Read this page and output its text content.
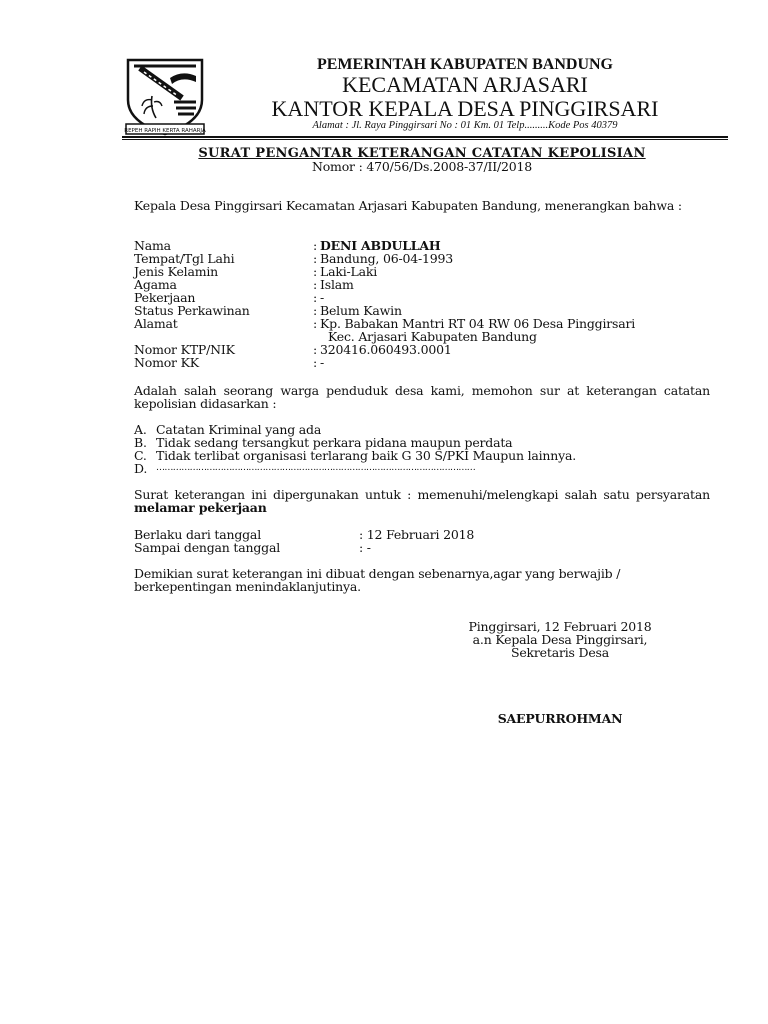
REPEH RAPIH KERTA RAHARJA
PEMERINTAH KABUPATEN BANDUNG
KECAMATAN ARJASARI
KANTOR KEPALA DESA PINGGIRSARI
Alamat : Jl. Raya Pinggirsari No : 01 Km. 01 Telp.........Kode Pos 40379
SURAT PENGANTAR KETERANGAN CATATAN KEPOLISIAN
Nomor : 470/56/Ds.2008-37/II/2018
Kepala Desa Pinggirsari Kecamatan Arjasari Kabupaten Bandung, menerangkan bahwa :
Nama	: DENI ABDULLAH
Tempat/Tgl Lahi	: Bandung, 06-04-1993
Jenis Kelamin	: Laki-Laki
Agama	: Islam
Pekerjaan	: -
Status Perkawinan	: Belum Kawin
Alamat	: Kp. Babakan Mantri RT 04 RW 06 Desa Pinggirsari
Kec. Arjasari Kabupaten Bandung
Nomor KTP/NIK	: 320416.060493.0001
Nomor KK	: -
Adalah salah seorang warga penduduk desa kami, memohon sur at keterangan catatan kepolisian didasarkan :
A. Catatan Kriminal yang ada
B. Tidak sedang tersangkut perkara pidana maupun perdata
C. Tidak terlibat organisasi terlarang baik G 30 S/PKI Maupun lainnya.
D. ……………………………………………………………………………………………………
Surat keterangan ini dipergunakan untuk : memenuhi/melengkapi salah satu persyaratan melamar pekerjaan
Berlaku dari tanggal	: 12 Februari 2018
Sampai dengan tanggal	: -
Demikian surat keterangan ini dibuat dengan sebenarnya,agar yang berwajib / berkepentingan menindaklanjutinya.
Pinggirsari, 12 Februari 2018
a.n Kepala Desa Pinggirsari,
Sekretaris Desa
SAEPURROHMAN
